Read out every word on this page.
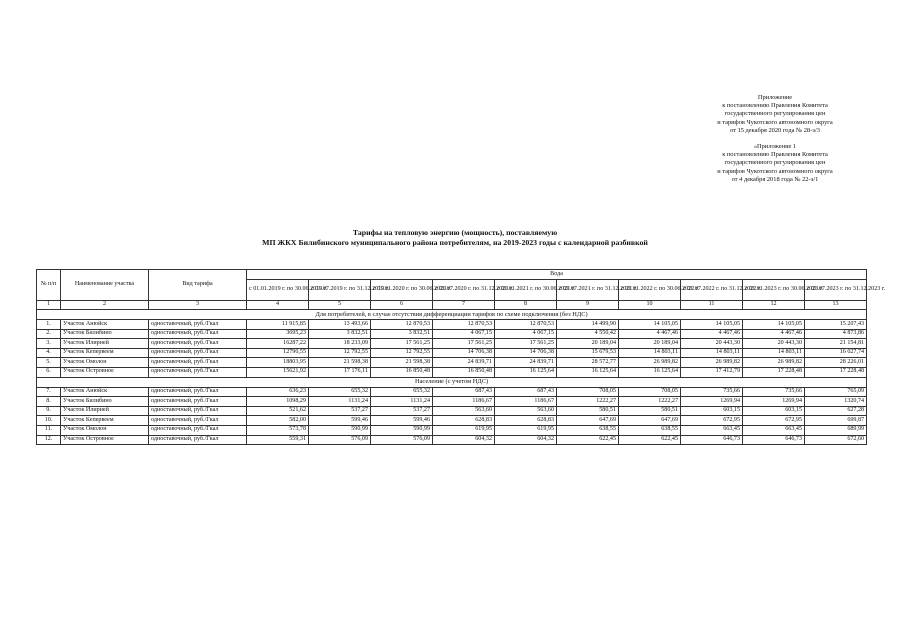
Приложение
к постановлению Правления Комитета
государственного регулирования цен
и тарифов Чукотского автономного округа
от 15 декабря 2020 года № 28-э/3
«Приложение 1
к постановлению Правления Комитета
государственного регулирования цен
и тарифов Чукотского автономного округа
от 4 декабря 2018 года № 22-э/1
Тарифы на тепловую энергию (мощность), поставляемую
МП ЖКХ Билибинского муниципального района потребителям, на 2019-2023 годы с календарной разбивкой
№ п/п	Наименование участка	Вид тарифа	Вода									
			с 01.01.2019 г. по 30.06.2019 г.	с 01.07.2019 г. по 31.12.2019 г.	с 01.01.2020 г. по 30.06.2020 г.	с 01.07.2020 г. по 31.12.2020 г.	с 01.01.2021 г. по 30.06.2021 г.	с 01.07.2021 г. по 31.12.2021 г.	с 01.01.2022 г. по 30.06.2022 г.	с 01.07.2022 г. по 31.12.2022 г.	с 01.01.2023 г. по 30.06.2023 г.	с 01.07.2023 г. по 31.12.2023 г.
1	2	3	4	5	6	7	8	9	10	11	12	13
Для потребителей, в случае отсутствия дифференциации тарифов по схеме подключения (без НДС)												
1.	Участок Анюйск	одноставочный, руб./Гкал	11 915,85	13 493,66	12 870,53	12 870,53	12 870,53	14 499,90	14 105,05	14 105,05	14 105,05	15 207,43
2.	Участок Билибино	одноставочный, руб./Гкал	3695,23	3 832,51	3 832,51	4 067,15	4 067,15	4 550,42	4 467,46	4 467,46	4 467,46	4 873,86
3.	Участок Илирней	одноставочный, руб./Гкал	16287,22	18 233,09	17 561,25	17 561,25	17 561,25	20 189,04	20 189,04	20 443,30	20 443,30	21 154,81
4.	Участок Кепервеем	одноставочный, руб./Гкал	12790,55	12 792,55	12 792,55	14 706,38	14 706,38	15 679,53	14 803,11	14 803,11	14 803,11	16 027,74
5.	Участок Омолон	одноставочный, руб./Гкал	18803,95	21 598,38	21 598,38	24 839,71	24 839,71	28 572,77	26 989,82	26 989,82	26 989,82	28 226,01
6.	Участок Островное	одноставочный, руб./Гкал	15621,92	17 176,11	16 850,48	16 850,48	16 125,64	16 125,64	16 125,64	17 412,79	17 228,48	17 228,48
Население (с учетом НДС)												
7.	Участок Анюйск	одноставочный, руб./Гкал	636,23	655,32	655,32	687,43	687,43	708,05	708,05	735,66	735,66	765,09
8.	Участок Билибино	одноставочный, руб./Гкал	1098,29	1131,24	1131,24	1186,67	1186,67	1222,27	1222,27	1269,94	1269,94	1320,74
9.	Участок Илирней	одноставочный, руб./Гкал	521,62	537,27	537,27	563,60	563,60	580,51	580,51	603,15	603,15	627,28
10.	Участок Кепервеем	одноставочный, руб./Гкал	582,00	599,46	599,46	628,83	628,83	647,69	647,69	672,95	672,95	699,87
11.	Участок Омолон	одноставочный, руб./Гкал	573,78	590,99	590,99	619,95	619,95	638,55	638,55	663,45	663,45	689,99
12.	Участок Островное	одноставочный, руб./Гкал	559,31	576,09	576,09	604,32	604,32	622,45	622,45	646,73	646,73	672,60
